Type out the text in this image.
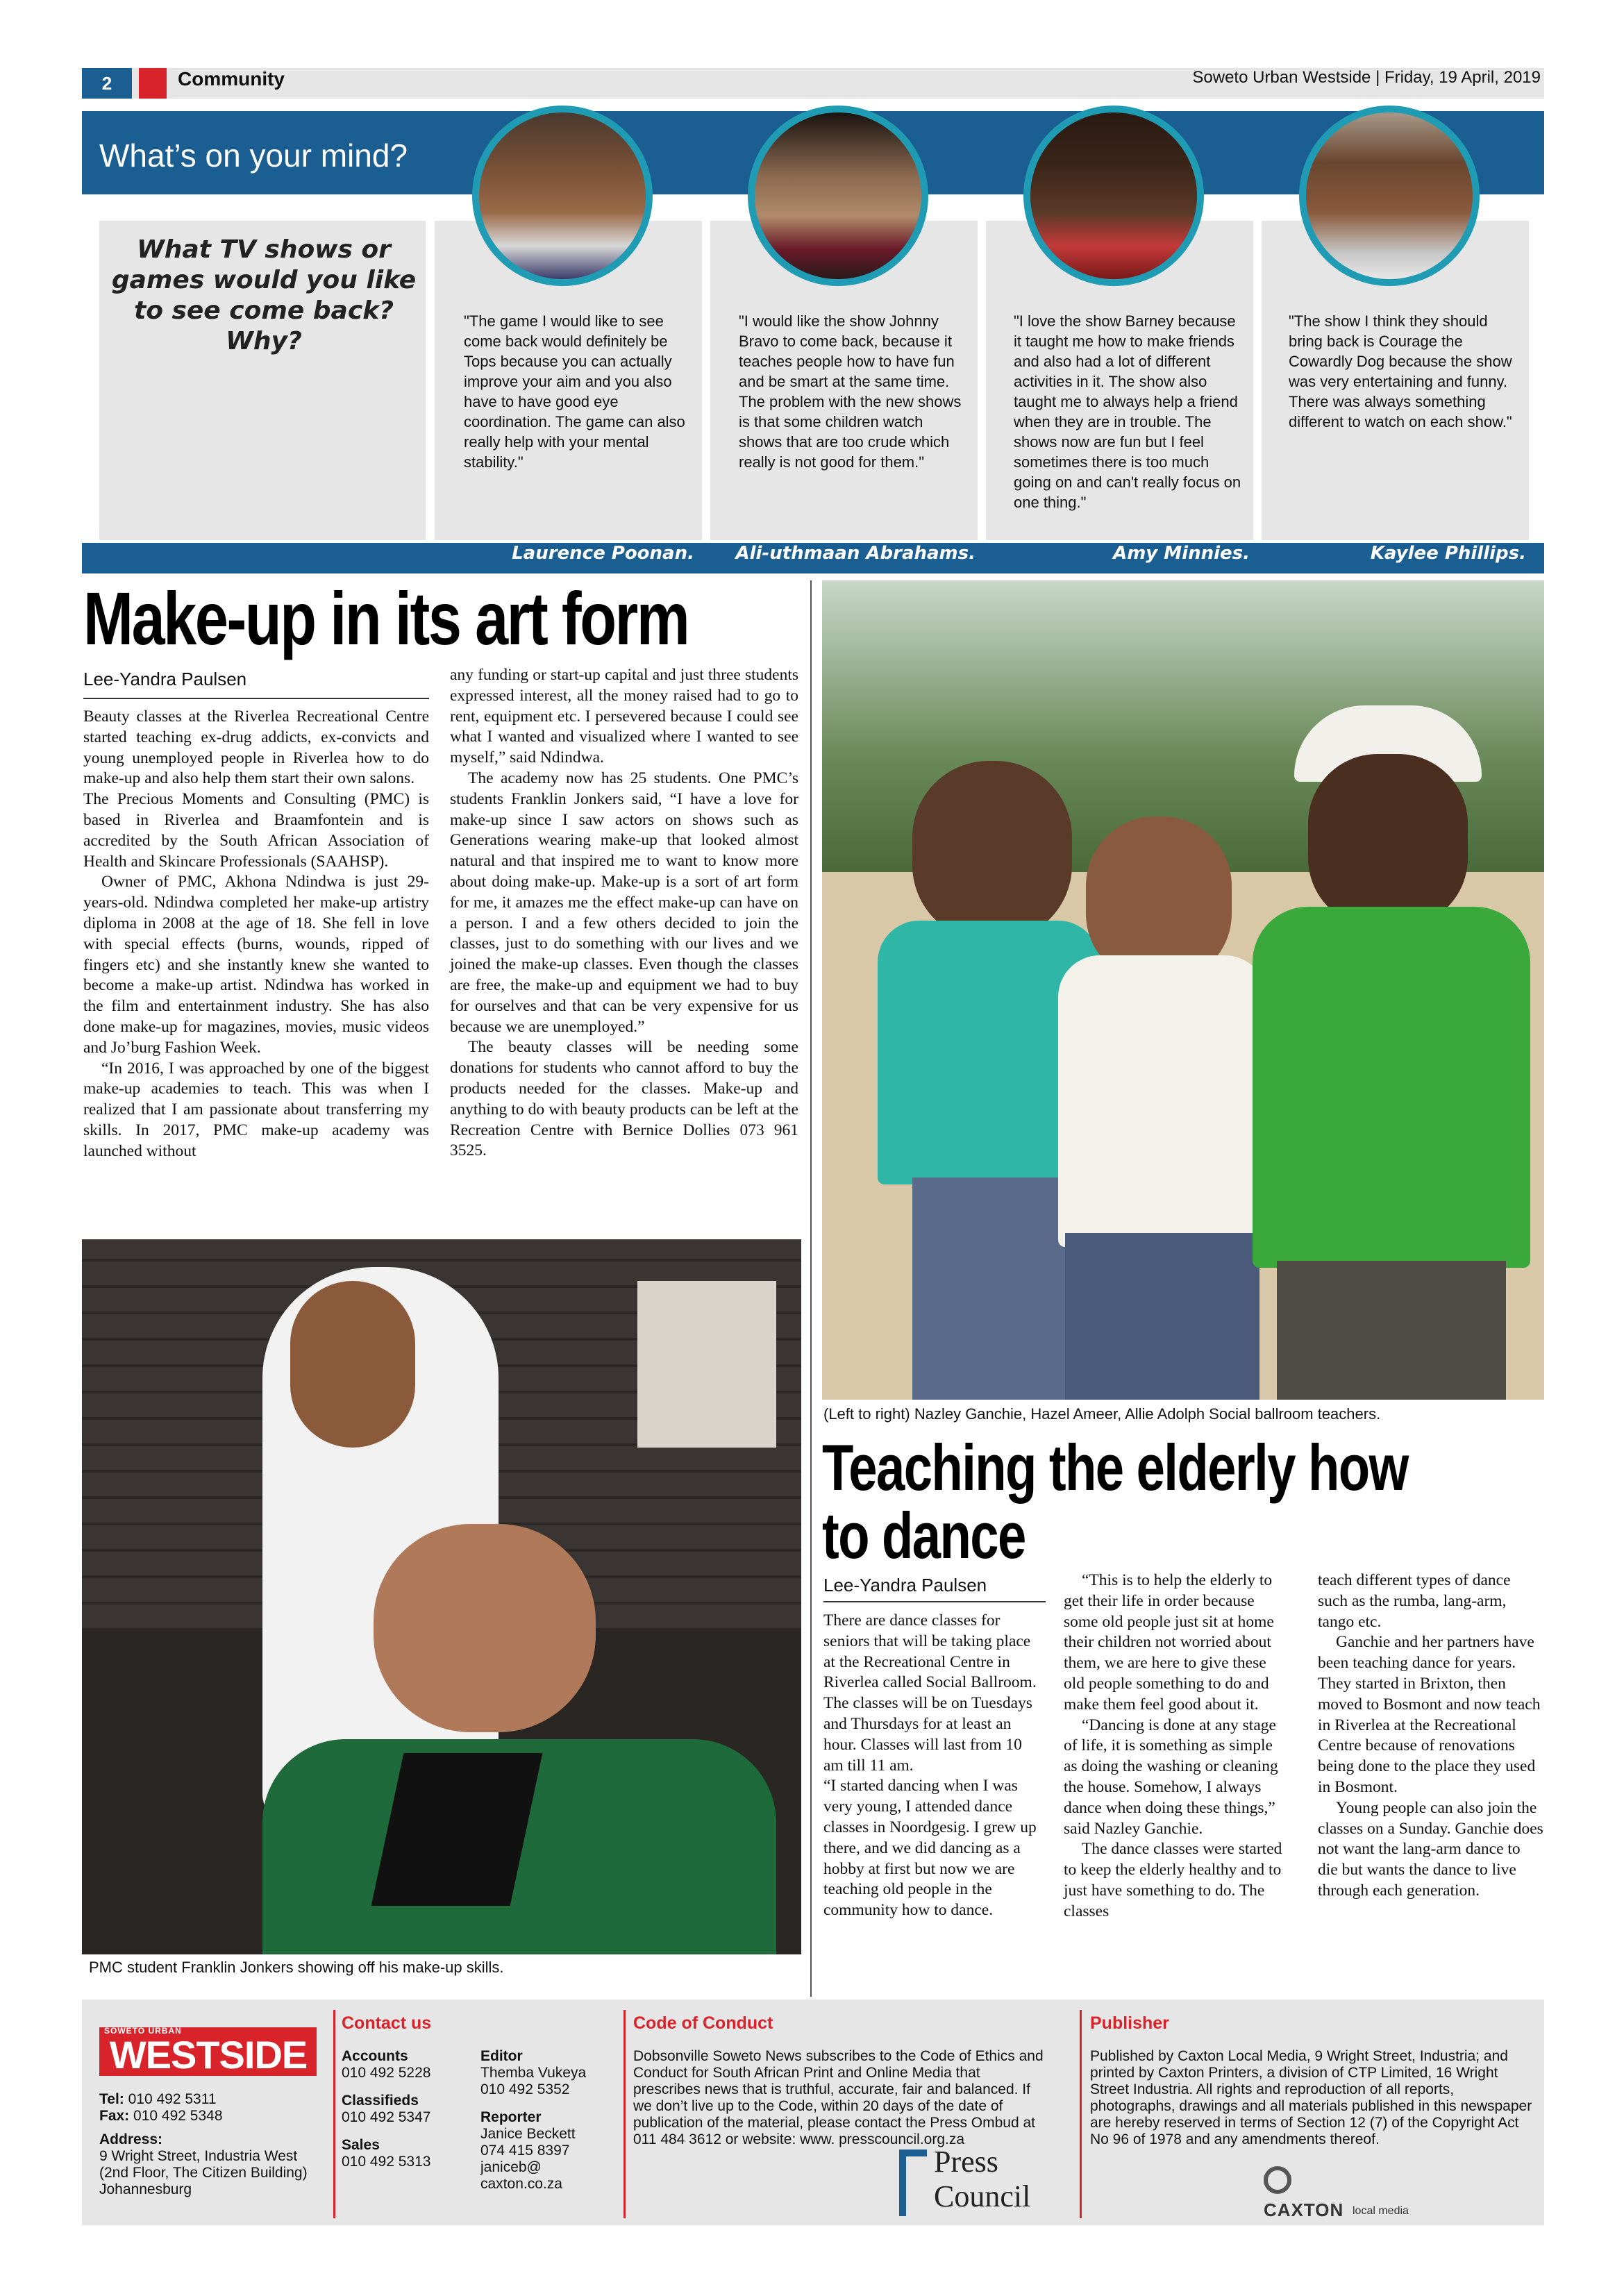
2	Community	Soweto Urban Westside | Friday, 19 April, 2019
What’s on your mind?
What TV shows or games would you like to see come back? Why?
"The game I would like to see come back would definitely be Tops because you can actually improve your aim and you also have to have good eye coordination. The game can also really help with your mental stability."
"I would like the show Johnny Bravo to come back, because it teaches people how to have fun and be smart at the same time. The problem with the new shows is that some children watch shows that are too crude which really is not good for them."
"I love the show Barney because it taught me how to make friends and also had a lot of different activities in it. The show also taught me to always help a friend when they are in trouble. The shows now are fun but I feel sometimes there is too much going on and can't really focus on one thing."
"The show I think they should bring back is Courage the Cowardly Dog because the show was very entertaining and funny. There was always something different to watch on each show."
Laurence Poonan.	Ali-uthmaan Abrahams.	Amy Minnies.	Kaylee Phillips.
Make-up in its art form
Lee-Yandra Paulsen

Beauty classes at the Riverlea Recreational Centre started teaching ex-drug addicts, ex-convicts and young unemployed people in Riverlea how to do make-up and also help them start their own salons.

The Precious Moments and Consulting (PMC) is based in Riverlea and Braamfontein and is accredited by the South African Association of Health and Skincare Professionals (SAAHSP).

Owner of PMC, Akhona Ndindwa is just 29-years-old. Ndindwa completed her make-up artistry diploma in 2008 at the age of 18. She fell in love with special effects (burns, wounds, ripped of fingers etc) and she instantly knew she wanted to become a make-up artist. Ndindwa has worked in the film and entertainment industry. She has also done make-up for magazines, movies, music videos and Jo’burg Fashion Week.

“In 2016, I was approached by one of the biggest make-up academies to teach. This was when I realized that I am passionate about transferring my skills. In 2017, PMC make-up academy was launched without

any funding or start-up capital and just three students expressed interest, all the money raised had to go to rent, equipment etc. I persevered because I could see what I wanted and visualized where I wanted to see myself,” said Ndindwa.

The academy now has 25 students. One PMC’s students Franklin Jonkers said, “I have a love for make-up since I saw actors on shows such as Generations wearing make-up that looked almost natural and that inspired me to want to know more about doing make-up. Make-up is a sort of art form for me, it amazes me the effect make-up can have on a person. I and a few others decided to join the classes, just to do something with our lives and we joined the make-up classes. Even though the classes are free, the make-up and equipment we had to buy for ourselves and that can be very expensive for us because we are unemployed.”

The beauty classes will be needing some donations for students who cannot afford to buy the products needed for the classes. Make-up and anything to do with beauty products can be left at the Recreation Centre with Bernice Dollies 073 961 3525.

PMC student Franklin Jonkers showing off his make-up skills.
(Left to right) Nazley Ganchie, Hazel Ameer, Allie Adolph Social ballroom teachers.
Teaching the elderly how
to dance
Lee-Yandra Paulsen

There are dance classes for seniors that will be taking place at the Recreational Centre in Riverlea called Social Ballroom. The classes will be on Tuesdays and Thursdays for at least an hour. Classes will last from 10 am till 11 am.

“I started dancing when I was very young, I attended dance classes in Noordgesig. I grew up there, and we did dancing as a hobby at first but now we are teaching old people in the community how to dance.

“This is to help the elderly to get their life in order because some old people just sit at home their children not worried about them, we are here to give these old people something to do and make them feel good about it.

“Dancing is done at any stage of life, it is something as simple as doing the washing or cleaning the house. Somehow, I always dance when doing these things,” said Nazley Ganchie.

The dance classes were started to keep the elderly healthy and to just have something to do. The classes

teach different types of dance such as the rumba, lang-arm, tango etc.

Ganchie and her partners have been teaching dance for years. They started in Brixton, then moved to Bosmont and now teach in Riverlea at the Recreational Centre because of renovations being done to the place they used in Bosmont.

Young people can also join the classes on a Sunday. Ganchie does not want the lang-arm dance to die but wants the dance to live through each generation.

SOWETO URBAN
WESTSIDE
Tel: 010 492 5311
Fax: 010 492 5348
Address:
9 Wright Street, Industria West (2nd Floor, The Citizen Building) Johannesburg
Contact us
Accounts
010 492 5228
Classifieds
010 492 5347
Sales
010 492 5313
Editor
Themba Vukeya
010 492 5352
Reporter
Janice Beckett
074 415 8397
janiceb@
caxton.co.za
Code of Conduct
Dobsonville Soweto News subscribes to the Code of Ethics and Conduct for South African Print and Online Media that prescribes news that is truthful, accurate, fair and balanced. If we don’t live up to the Code, within 20 days of the date of publication of the material, please contact the Press Ombud at 011 484 3612 or website: www. presscouncil.org.za
Press
Council
Publisher
Published by Caxton Local Media, 9 Wright Street, Industria; and printed by Caxton Printers, a division of CTP Limited, 16 Wright Street Industria. All rights and reproduction of all reports, photographs, drawings and all materials published in this newspaper are hereby reserved in terms of Section 12 (7) of the Copyright Act No 96 of 1978 and any amendments thereof.
CAXTON local media
